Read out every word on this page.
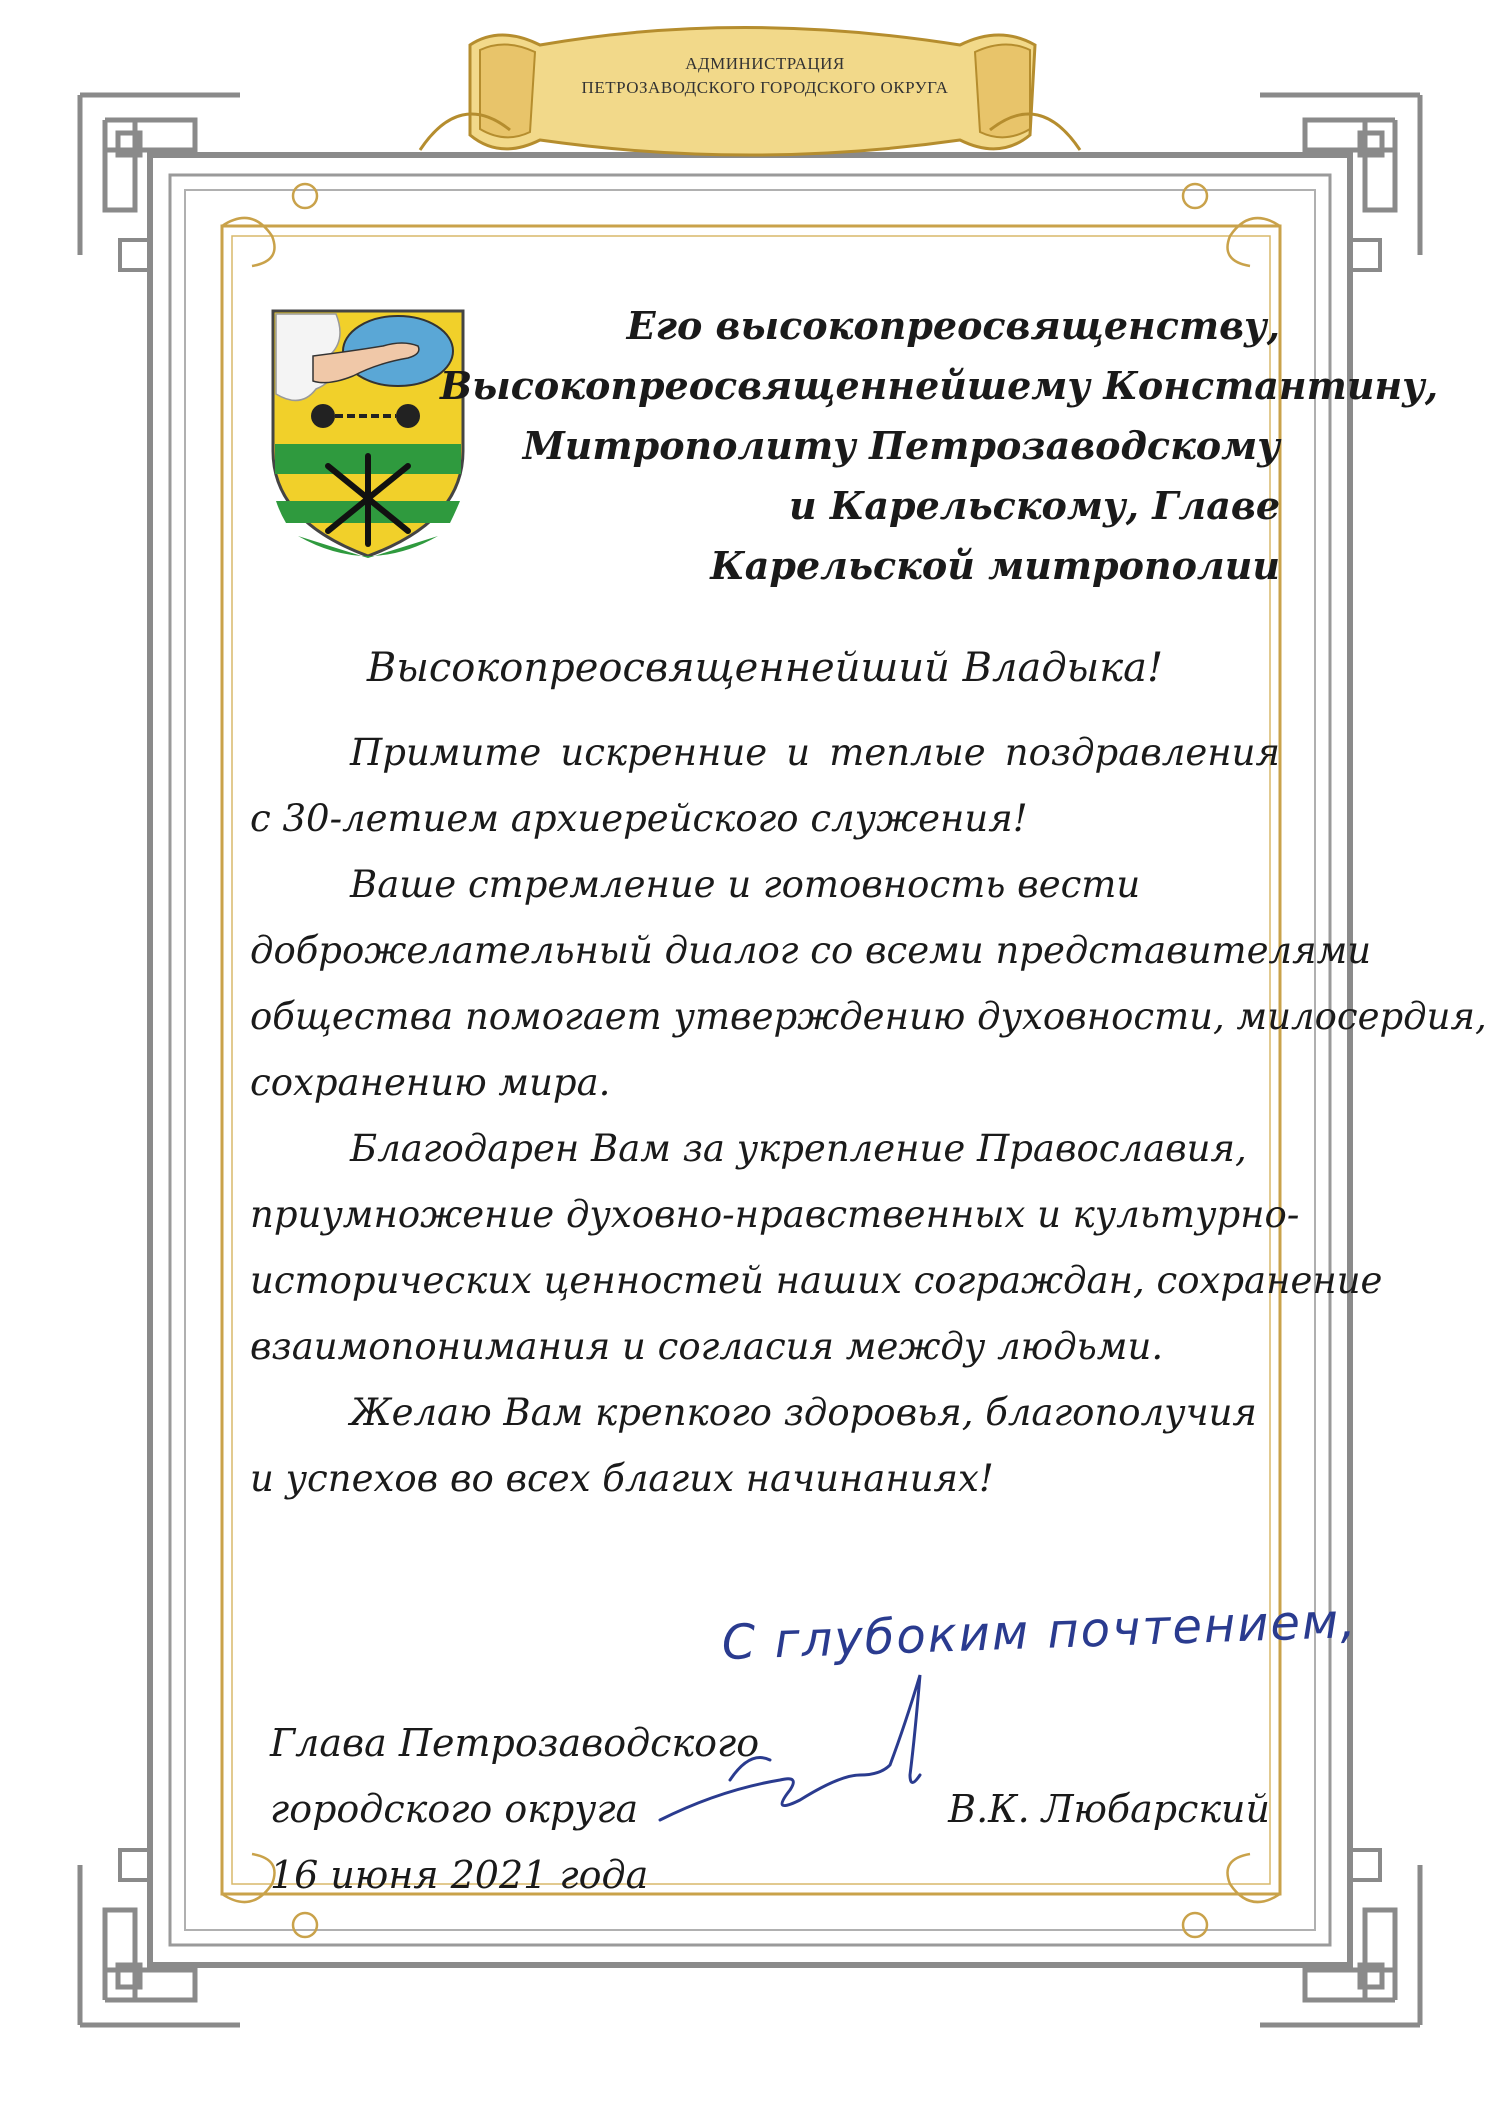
АДМИНИСТРАЦИЯ
ПЕТРОЗАВОДСКОГО ГОРОДСКОГО ОКРУГА
Его высокопреосвященству,
Высокопреосвященнейшему Константину,
Митрополиту Петрозаводскому
и Карельскому, Главе
Карельской митрополии
Высокопреосвященнейший Владыка!

Примите искренние и теплые поздравления
с 30-летием архиерейского служения!

Ваше стремление и готовность вести
доброжелательный диалог со всеми представителями
общества помогает утверждению духовности, милосердия,
сохранению мира.

Благодарен Вам за укрепление Православия,
приумножение духовно-нравственных и культурно-
исторических ценностей наших сограждан, сохранение
взаимопонимания и согласия между людьми.

Желаю Вам крепкого здоровья, благополучия
и успехов во всех благих начинаниях!

С глубоким почтением,
Глава Петрозаводского
городского округа
16 июня 2021 года
В.К. Любарский
